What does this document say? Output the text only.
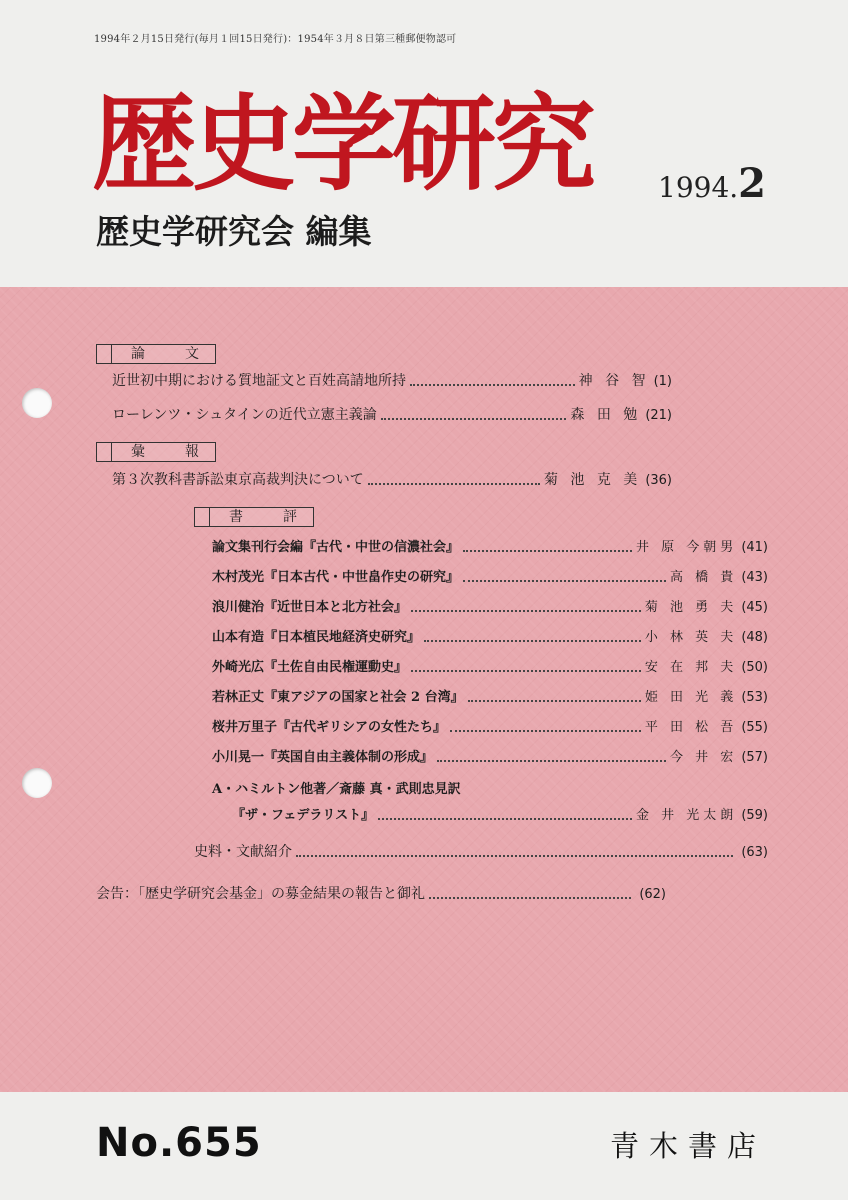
1994年２月15日発行(毎月１回15日発行)：1954年３月８日第三種郵便物認可
歴史学研究 1994.2
歴史学研究会 編集
論文
近世初中期における質地証文と百姓高請地所持	神 谷 智 (1)
ローレンツ・シュタインの近代立憲主義論	森 田 勉 (21)
彙報
第３次教科書訴訟東京高裁判決について	菊 池 克 美 (36)
書評
論文集刊行会編『古代・中世の信濃社会』	井 原 今朝男 (41)
木村茂光『日本古代・中世畠作史の研究』	高 橋 貴 (43)
浪川健治『近世日本と北方社会』	菊 池 勇 夫 (45)
山本有造『日本植民地経済史研究』	小 林 英 夫 (48)
外崎光広『土佐自由民権運動史』	安 在 邦 夫 (50)
若林正丈『東アジアの国家と社会 2 台湾』	姫 田 光 義 (53)
桜井万里子『古代ギリシアの女性たち』	平 田 松 吾 (55)
小川晃一『英国自由主義体制の形成』	今 井 宏 (57)
A・ハミルトン他著／斎藤 真・武則忠見訳
『ザ・フェデラリスト』	金 井 光太朗 (59)
史料・文献紹介	(63)
会告：「歴史学研究会基金」の募金結果の報告と御礼	(62)
No.655	青木書店
